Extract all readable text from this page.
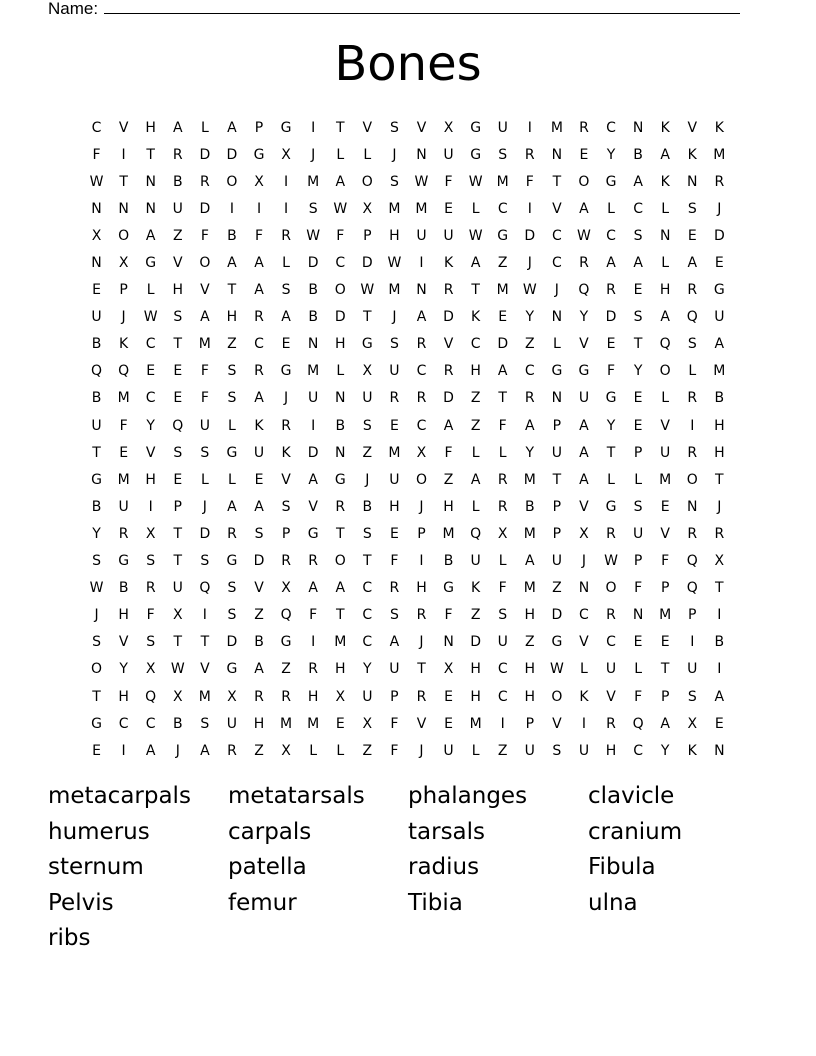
Name:
Bones
C	V	H	A	L	A	P	G	I	T	V	S	V	X	G	U	I	M	R	C	N	K	V	K
F	I	T	R	D	D	G	X	J	L	L	J	N	U	G	S	R	N	E	Y	B	A	K	M
W	T	N	B	R	O	X	I	M	A	O	S	W	F	W	M	F	T	O	G	A	K	N	R
N	N	N	U	D	I	I	I	S	W	X	M	M	E	L	C	I	V	A	L	C	L	S	J
X	O	A	Z	F	B	F	R	W	F	P	H	U	U	W	G	D	C	W	C	S	N	E	D
N	X	G	V	O	A	A	L	D	C	D	W	I	K	A	Z	J	C	R	A	A	L	A	E
E	P	L	H	V	T	A	S	B	O	W	M	N	R	T	M	W	J	Q	R	E	H	R	G
U	J	W	S	A	H	R	A	B	D	T	J	A	D	K	E	Y	N	Y	D	S	A	Q	U
B	K	C	T	M	Z	C	E	N	H	G	S	R	V	C	D	Z	L	V	E	T	Q	S	A
Q	Q	E	E	F	S	R	G	M	L	X	U	C	R	H	A	C	G	G	F	Y	O	L	M
B	M	C	E	F	S	A	J	U	N	U	R	R	D	Z	T	R	N	U	G	E	L	R	B
U	F	Y	Q	U	L	K	R	I	B	S	E	C	A	Z	F	A	P	A	Y	E	V	I	H
T	E	V	S	S	G	U	K	D	N	Z	M	X	F	L	L	Y	U	A	T	P	U	R	H
G	M	H	E	L	L	E	V	A	G	J	U	O	Z	A	R	M	T	A	L	L	M	O	T
B	U	I	P	J	A	A	S	V	R	B	H	J	H	L	R	B	P	V	G	S	E	N	J
Y	R	X	T	D	R	S	P	G	T	S	E	P	M	Q	X	M	P	X	R	U	V	R	R
S	G	S	T	S	G	D	R	R	O	T	F	I	B	U	L	A	U	J	W	P	F	Q	X
W	B	R	U	Q	S	V	X	A	A	C	R	H	G	K	F	M	Z	N	O	F	P	Q	T
J	H	F	X	I	S	Z	Q	F	T	C	S	R	F	Z	S	H	D	C	R	N	M	P	I
S	V	S	T	T	D	B	G	I	M	C	A	J	N	D	U	Z	G	V	C	E	E	I	B
O	Y	X	W	V	G	A	Z	R	H	Y	U	T	X	H	C	H	W	L	U	L	T	U	I
T	H	Q	X	M	X	R	R	H	X	U	P	R	E	H	C	H	O	K	V	F	P	S	A
G	C	C	B	S	U	H	M	M	E	X	F	V	E	M	I	P	V	I	R	Q	A	X	E
E	I	A	J	A	R	Z	X	L	L	Z	F	J	U	L	Z	U	S	U	H	C	Y	K	N
metacarpals	metatarsals	phalanges	clavicle
humerus	carpals	tarsals	cranium
sternum	patella	radius	Fibula
Pelvis	femur	Tibia	ulna
ribs
